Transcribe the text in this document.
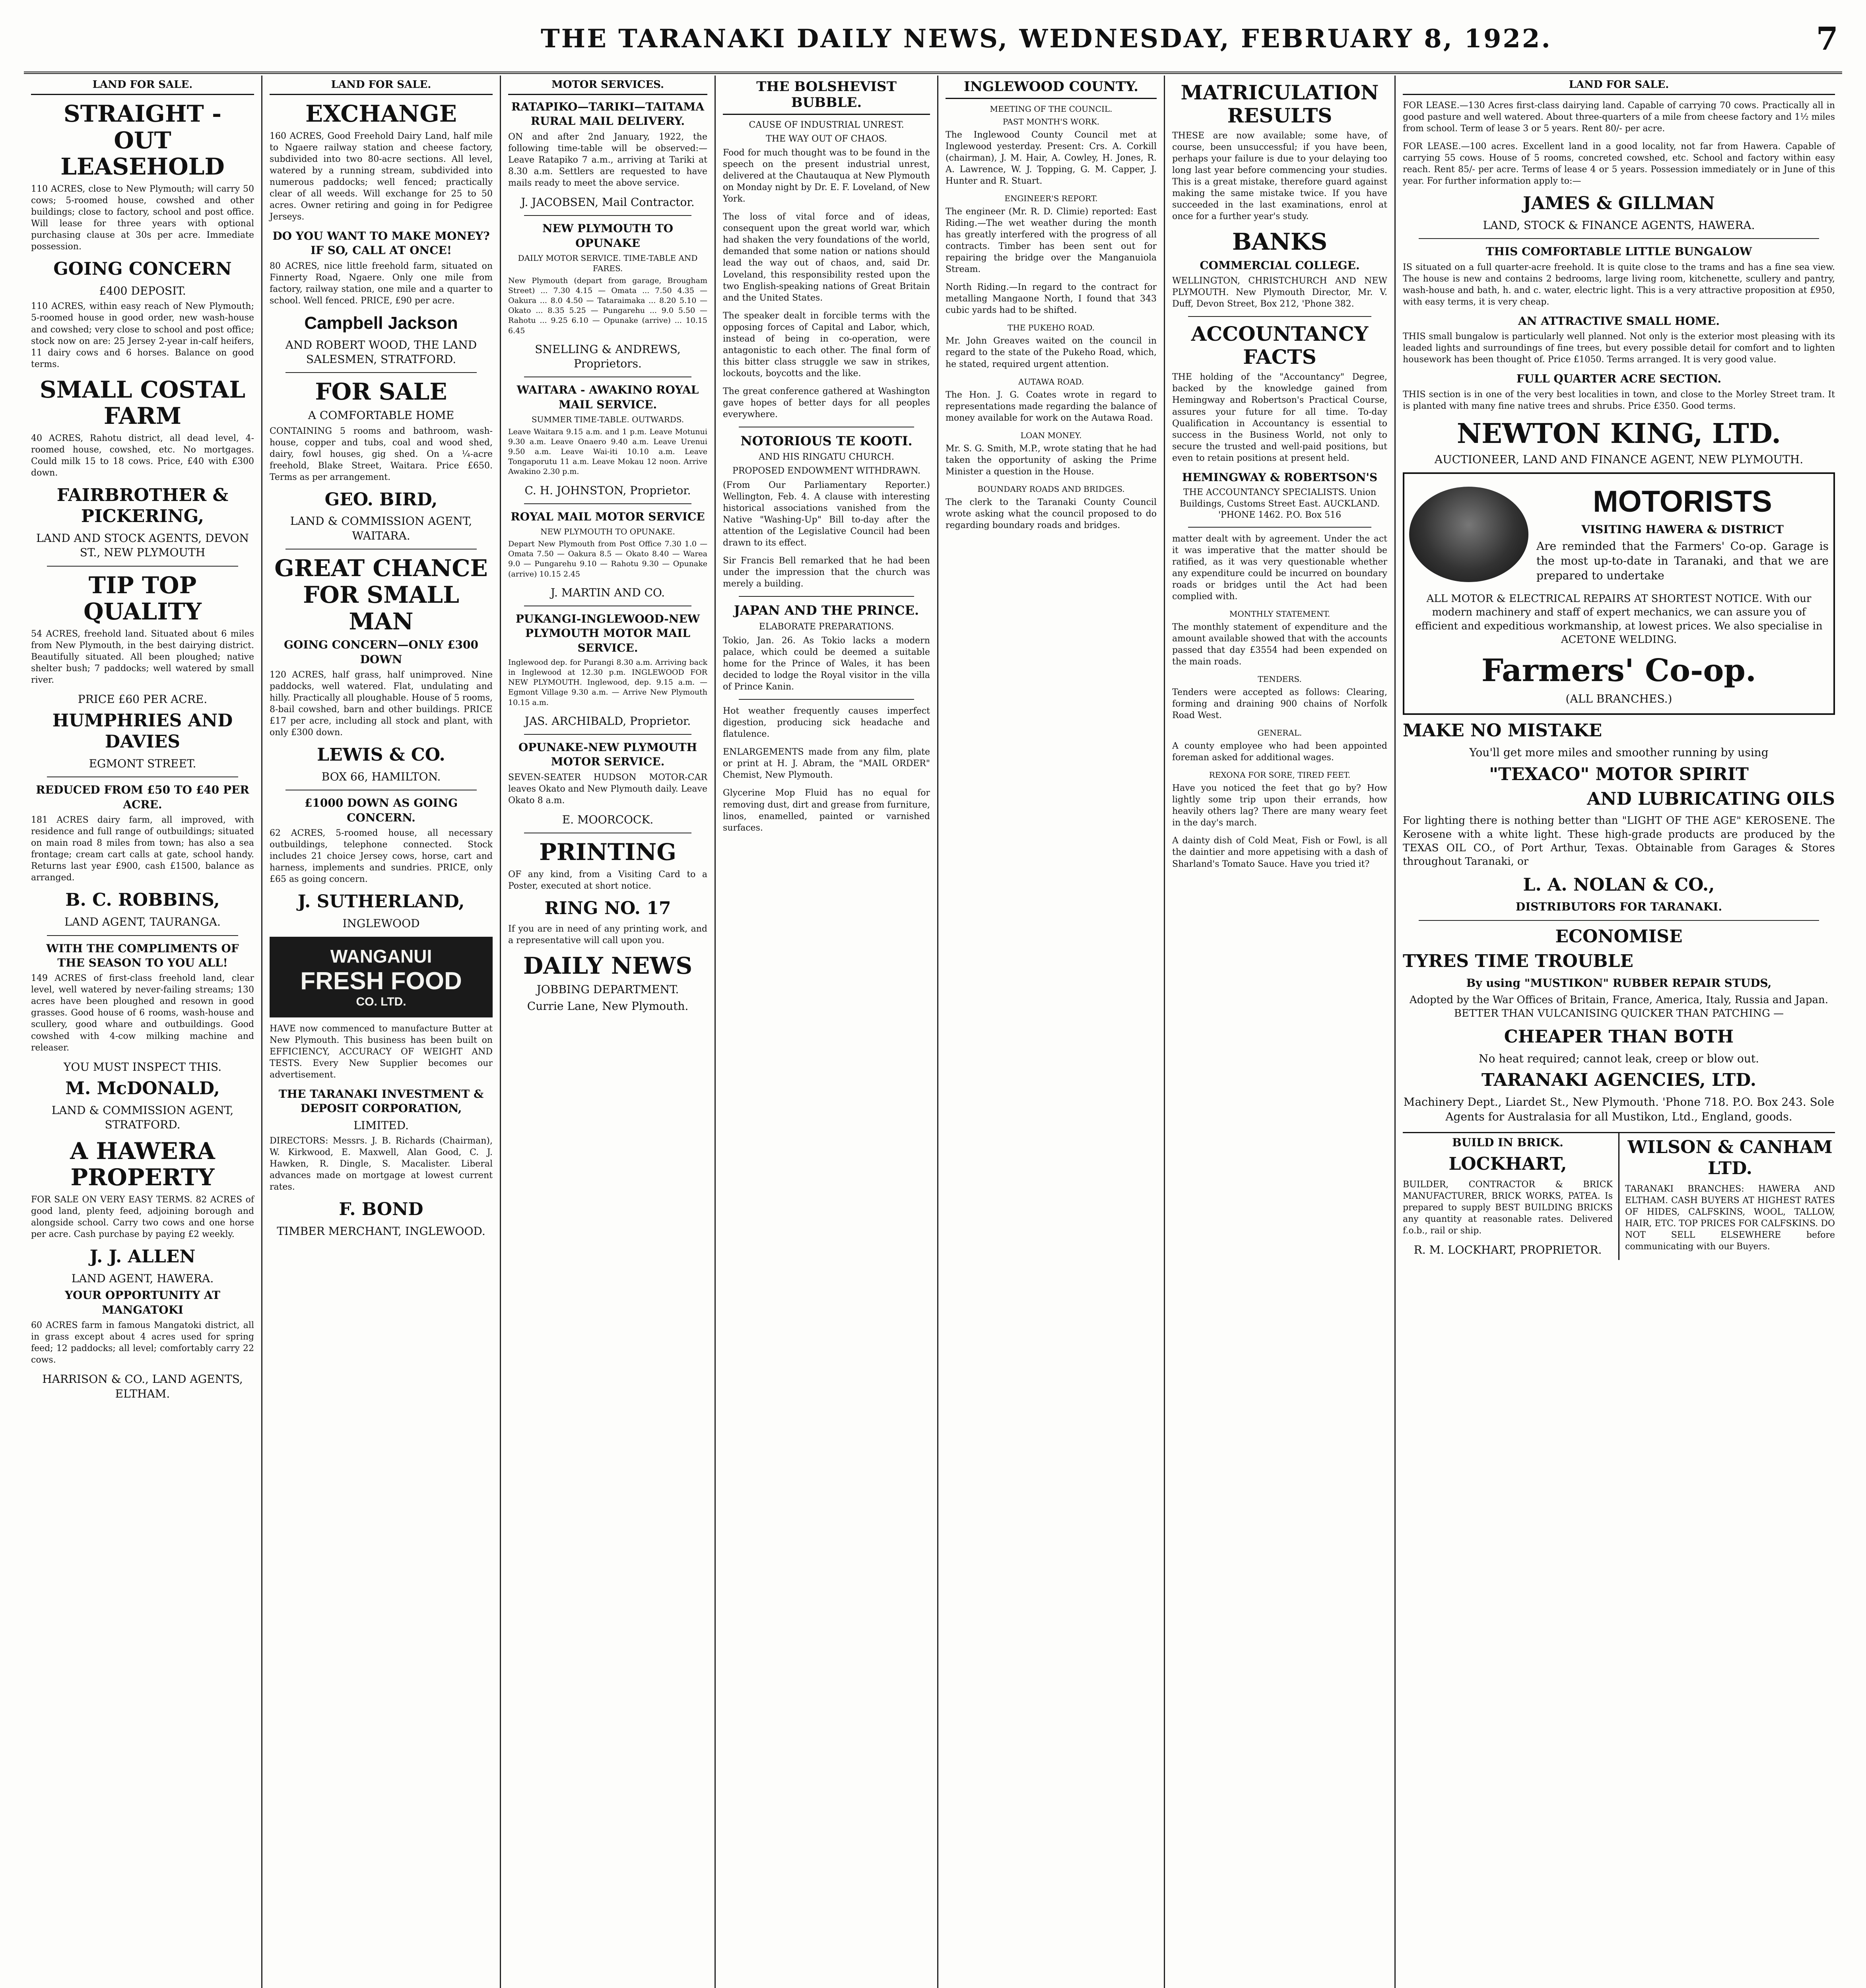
THE TARANAKI DAILY NEWS, WEDNESDAY, FEBRUARY 8, 1922.	7
LAND FOR SALE.
STRAIGHT - OUT LEASEHOLD
110 ACRES, close to New Plymouth; will carry 50 cows; 5-roomed house, cowshed and other buildings; close to factory, school and post office. Will lease for three years with optional purchasing clause at 30s per acre. Immediate possession.
GOING CONCERN
£400 DEPOSIT.
110 ACRES, within easy reach of New Plymouth; 5-roomed house in good order, new wash-house and cowshed; very close to school and post office; stock now on are: 25 Jersey 2-year in-calf heifers, 11 dairy cows and 6 horses. Balance on good terms.
SMALL COSTAL FARM
40 ACRES, Rahotu district, all dead level, 4-roomed house, cowshed, etc. No mortgages. Could milk 15 to 18 cows. Price, £40 with £300 down.
FAIRBROTHER & PICKERING,
LAND AND STOCK AGENTS, DEVON ST., NEW PLYMOUTH
TIP TOP QUALITY
54 ACRES, freehold land. Situated about 6 miles from New Plymouth, in the best dairying district. Beautifully situated. All been ploughed; native shelter bush; 7 paddocks; well watered by small river.
PRICE £60 PER ACRE.
HUMPHRIES AND DAVIES
EGMONT STREET.
REDUCED FROM £50 TO £40 PER ACRE.
181 ACRES dairy farm, all improved, with residence and full range of outbuildings; situated on main road 8 miles from town; has also a sea frontage; cream cart calls at gate, school handy. Returns last year £900, cash £1500, balance as arranged.
B. C. ROBBINS,
LAND AGENT, TAURANGA.
WITH THE COMPLIMENTS OF THE SEASON TO YOU ALL!
149 ACRES of first-class freehold land, clear level, well watered by never-failing streams; 130 acres have been ploughed and resown in good grasses. Good house of 6 rooms, wash-house and scullery, good whare and outbuildings. Good cowshed with 4-cow milking machine and releaser.
YOU MUST INSPECT THIS.
M. McDONALD,
LAND & COMMISSION AGENT, STRATFORD.
A HAWERA PROPERTY
FOR SALE ON VERY EASY TERMS. 82 ACRES of good land, plenty feed, adjoining borough and alongside school. Carry two cows and one horse per acre. Cash purchase by paying £2 weekly.
J. J. ALLEN
LAND AGENT, HAWERA.
YOUR OPPORTUNITY AT MANGATOKI
60 ACRES farm in famous Mangatoki district, all in grass except about 4 acres used for spring feed; 12 paddocks; all level; comfortably carry 22 cows.
HARRISON & CO., LAND AGENTS, ELTHAM.
LAND FOR SALE.
EXCHANGE
160 ACRES, Good Freehold Dairy Land, half mile to Ngaere railway station and cheese factory, subdivided into two 80-acre sections. All level, watered by a running stream, subdivided into numerous paddocks; well fenced; practically clear of all weeds. Will exchange for 25 to 50 acres. Owner retiring and going in for Pedigree Jerseys.
DO YOU WANT TO MAKE MONEY? IF SO, CALL AT ONCE!
80 ACRES, nice little freehold farm, situated on Finnerty Road, Ngaere. Only one mile from factory, railway station, one mile and a quarter to school. Well fenced. PRICE, £90 per acre.
Campbell Jackson
AND ROBERT WOOD, THE LAND SALESMEN, STRATFORD.
FOR SALE
A COMFORTABLE HOME
CONTAINING 5 rooms and bathroom, wash-house, copper and tubs, coal and wood shed, dairy, fowl houses, gig shed. On a ¼-acre freehold, Blake Street, Waitara. Price £650. Terms as per arrangement.
GEO. BIRD,
LAND & COMMISSION AGENT, WAITARA.
GREAT CHANCE FOR SMALL MAN
GOING CONCERN—ONLY £300 DOWN
120 ACRES, half grass, half unimproved. Nine paddocks, well watered. Flat, undulating and hilly. Practically all ploughable. House of 5 rooms, 8-bail cowshed, barn and other buildings. PRICE £17 per acre, including all stock and plant, with only £300 down.
LEWIS & CO.
BOX 66, HAMILTON.
£1000 DOWN AS GOING CONCERN.
62 ACRES, 5-roomed house, all necessary outbuildings, telephone connected. Stock includes 21 choice Jersey cows, horse, cart and harness, implements and sundries. PRICE, only £65 as going concern.
J. SUTHERLAND,
INGLEWOOD
WANGANUI
FRESH FOOD
CO. LTD.
HAVE now commenced to manufacture Butter at New Plymouth. This business has been built on EFFICIENCY, ACCURACY OF WEIGHT AND TESTS. Every New Supplier becomes our advertisement.
THE TARANAKI INVESTMENT & DEPOSIT CORPORATION,
LIMITED.
DIRECTORS: Messrs. J. B. Richards (Chairman), W. Kirkwood, E. Maxwell, Alan Good, C. J. Hawken, R. Dingle, S. Macalister. Liberal advances made on mortgage at lowest current rates.
F. BOND
TIMBER MERCHANT, INGLEWOOD.
MOTOR SERVICES.
RATAPIKO—TARIKI—TAITAMA RURAL MAIL DELIVERY.
ON and after 2nd January, 1922, the following time-table will be observed:— Leave Ratapiko 7 a.m., arriving at Tariki at 8.30 a.m. Settlers are requested to have mails ready to meet the above service.
J. JACOBSEN, Mail Contractor.
NEW PLYMOUTH TO OPUNAKE
DAILY MOTOR SERVICE. TIME-TABLE AND FARES.
New Plymouth (depart from garage, Brougham Street) ... 7.30 4.15 — Omata ... 7.50 4.35 — Oakura ... 8.0 4.50 — Tataraimaka ... 8.20 5.10 — Okato ... 8.35 5.25 — Pungarehu ... 9.0 5.50 — Rahotu ... 9.25 6.10 — Opunake (arrive) ... 10.15 6.45
SNELLING & ANDREWS, Proprietors.
WAITARA - AWAKINO ROYAL MAIL SERVICE.
SUMMER TIME-TABLE. OUTWARDS.
Leave Waitara 9.15 a.m. and 1 p.m. Leave Motunui 9.30 a.m. Leave Onaero 9.40 a.m. Leave Urenui 9.50 a.m. Leave Wai-iti 10.10 a.m. Leave Tongaporutu 11 a.m. Leave Mokau 12 noon. Arrive Awakino 2.30 p.m.
C. H. JOHNSTON, Proprietor.
ROYAL MAIL MOTOR SERVICE
NEW PLYMOUTH TO OPUNAKE.
Depart New Plymouth from Post Office 7.30 1.0 — Omata 7.50 — Oakura 8.5 — Okato 8.40 — Warea 9.0 — Pungarehu 9.10 — Rahotu 9.30 — Opunake (arrive) 10.15 2.45
J. MARTIN AND CO.
PUKANGI-INGLEWOOD-NEW PLYMOUTH MOTOR MAIL SERVICE.
Inglewood dep. for Purangi 8.30 a.m. Arriving back in Inglewood at 12.30 p.m. INGLEWOOD FOR NEW PLYMOUTH. Inglewood, dep. 9.15 a.m. — Egmont Village 9.30 a.m. — Arrive New Plymouth 10.15 a.m.
JAS. ARCHIBALD, Proprietor.
OPUNAKE-NEW PLYMOUTH MOTOR SERVICE.
SEVEN-SEATER HUDSON MOTOR-CAR leaves Okato and New Plymouth daily. Leave Okato 8 a.m.
E. MOORCOCK.
PRINTING
OF any kind, from a Visiting Card to a Poster, executed at short notice.
RING NO. 17
If you are in need of any printing work, and a representative will call upon you.
DAILY NEWS
JOBBING DEPARTMENT.
Currie Lane, New Plymouth.
THE BOLSHEVIST BUBBLE.
CAUSE OF INDUSTRIAL UNREST.
THE WAY OUT OF CHAOS.
Food for much thought was to be found in the speech on the present industrial unrest, delivered at the Chautauqua at New Plymouth on Monday night by Dr. E. F. Loveland, of New York.
The loss of vital force and of ideas, consequent upon the great world war, which had shaken the very foundations of the world, demanded that some nation or nations should lead the way out of chaos, and, said Dr. Loveland, this responsibility rested upon the two English-speaking nations of Great Britain and the United States.
The speaker dealt in forcible terms with the opposing forces of Capital and Labor, which, instead of being in co-operation, were antagonistic to each other. The final form of this bitter class struggle we saw in strikes, lockouts, boycotts and the like.
The great conference gathered at Washington gave hopes of better days for all peoples everywhere.
NOTORIOUS TE KOOTI.
AND HIS RINGATU CHURCH.
PROPOSED ENDOWMENT WITHDRAWN.
(From Our Parliamentary Reporter.) Wellington, Feb. 4. A clause with interesting historical associations vanished from the Native "Washing-Up" Bill to-day after the attention of the Legislative Council had been drawn to its effect.
Sir Francis Bell remarked that he had been under the impression that the church was merely a building.
JAPAN AND THE PRINCE.
ELABORATE PREPARATIONS.
Tokio, Jan. 26. As Tokio lacks a modern palace, which could be deemed a suitable home for the Prince of Wales, it has been decided to lodge the Royal visitor in the villa of Prince Kanin.
Hot weather frequently causes imperfect digestion, producing sick headache and flatulence.
ENLARGEMENTS made from any film, plate or print at H. J. Abram, the "MAIL ORDER" Chemist, New Plymouth.
Glycerine Mop Fluid has no equal for removing dust, dirt and grease from furniture, linos, enamelled, painted or varnished surfaces.
INGLEWOOD COUNTY.
MEETING OF THE COUNCIL.
PAST MONTH'S WORK.
The Inglewood County Council met at Inglewood yesterday. Present: Crs. A. Corkill (chairman), J. M. Hair, A. Cowley, H. Jones, R. A. Lawrence, W. J. Topping, G. M. Capper, J. Hunter and R. Stuart.
ENGINEER'S REPORT.
The engineer (Mr. R. D. Climie) reported: East Riding.—The wet weather during the month has greatly interfered with the progress of all contracts. Timber has been sent out for repairing the bridge over the Manganuiola Stream.
North Riding.—In regard to the contract for metalling Mangaone North, I found that 343 cubic yards had to be shifted.
THE PUKEHO ROAD.
Mr. John Greaves waited on the council in regard to the state of the Pukeho Road, which, he stated, required urgent attention.
AUTAWA ROAD.
The Hon. J. G. Coates wrote in regard to representations made regarding the balance of money available for work on the Autawa Road.
LOAN MONEY.
Mr. S. G. Smith, M.P., wrote stating that he had taken the opportunity of asking the Prime Minister a question in the House.
BOUNDARY ROADS AND BRIDGES.
The clerk to the Taranaki County Council wrote asking what the council proposed to do regarding boundary roads and bridges.
MATRICULATION RESULTS
THESE are now available; some have, of course, been unsuccessful; if you have been, perhaps your failure is due to your delaying too long last year before commencing your studies. This is a great mistake, therefore guard against making the same mistake twice. If you have succeeded in the last examinations, enrol at once for a further year's study.
BANKS
COMMERCIAL COLLEGE.
WELLINGTON, CHRISTCHURCH AND NEW PLYMOUTH. New Plymouth Director, Mr. V. Duff, Devon Street, Box 212, 'Phone 382.
ACCOUNTANCY FACTS
THE holding of the "Accountancy" Degree, backed by the knowledge gained from Hemingway and Robertson's Practical Course, assures your future for all time. To-day Qualification in Accountancy is essential to success in the Business World, not only to secure the trusted and well-paid positions, but even to retain positions at present held.
HEMINGWAY & ROBERTSON'S
THE ACCOUNTANCY SPECIALISTS. Union Buildings, Customs Street East. AUCKLAND. 'PHONE 1462. P.O. Box 516
matter dealt with by agreement. Under the act it was imperative that the matter should be ratified, as it was very questionable whether any expenditure could be incurred on boundary roads or bridges until the Act had been complied with.
MONTHLY STATEMENT.
The monthly statement of expenditure and the amount available showed that with the accounts passed that day £3554 had been expended on the main roads.
TENDERS.
Tenders were accepted as follows: Clearing, forming and draining 900 chains of Norfolk Road West.
GENERAL.
A county employee who had been appointed foreman asked for additional wages.
REXONA FOR SORE, TIRED FEET.
Have you noticed the feet that go by? How lightly some trip upon their errands, how heavily others lag? There are many weary feet in the day's march.
A dainty dish of Cold Meat, Fish or Fowl, is all the daintier and more appetising with a dash of Sharland's Tomato Sauce. Have you tried it?
LAND FOR SALE.
FOR LEASE.—130 Acres first-class dairying land. Capable of carrying 70 cows. Practically all in good pasture and well watered. About three-quarters of a mile from cheese factory and 1½ miles from school. Term of lease 3 or 5 years. Rent 80/- per acre.
FOR LEASE.—100 acres. Excellent land in a good locality, not far from Hawera. Capable of carrying 55 cows. House of 5 rooms, concreted cowshed, etc. School and factory within easy reach. Rent 85/- per acre. Terms of lease 4 or 5 years. Possession immediately or in June of this year. For further information apply to:—
JAMES & GILLMAN
LAND, STOCK & FINANCE AGENTS, HAWERA.
THIS COMFORTABLE LITTLE BUNGALOW
IS situated on a full quarter-acre freehold. It is quite close to the trams and has a fine sea view. The house is new and contains 2 bedrooms, large living room, kitchenette, scullery and pantry, wash-house and bath, h. and c. water, electric light. This is a very attractive proposition at £950, with easy terms, it is very cheap.
AN ATTRACTIVE SMALL HOME.
THIS small bungalow is particularly well planned. Not only is the exterior most pleasing with its leaded lights and surroundings of fine trees, but every possible detail for comfort and to lighten housework has been thought of. Price £1050. Terms arranged. It is very good value.
FULL QUARTER ACRE SECTION.
THIS section is in one of the very best localities in town, and close to the Morley Street tram. It is planted with many fine native trees and shrubs. Price £350. Good terms.
NEWTON KING, LTD.
AUCTIONEER, LAND AND FINANCE AGENT, NEW PLYMOUTH.
MOTORISTS
VISITING HAWERA & DISTRICT
Are reminded that the Farmers' Co-op. Garage is the most up-to-date in Taranaki, and that we are prepared to undertake
ALL MOTOR & ELECTRICAL REPAIRS AT SHORTEST NOTICE. With our modern machinery and staff of expert mechanics, we can assure you of efficient and expeditious workmanship, at lowest prices. We also specialise in ACETONE WELDING.
Farmers' Co-op.
(ALL BRANCHES.)
MAKE NO MISTAKE
You'll get more miles and smoother running by using
"TEXACO" MOTOR SPIRIT
AND LUBRICATING OILS
For lighting there is nothing better than "LIGHT OF THE AGE" KEROSENE. The Kerosene with a white light. These high-grade products are produced by the TEXAS OIL CO., of Port Arthur, Texas. Obtainable from Garages & Stores throughout Taranaki, or
L. A. NOLAN & CO.,
DISTRIBUTORS FOR TARANAKI.
ECONOMISE
TYRES TIME TROUBLE
By using "MUSTIKON" RUBBER REPAIR STUDS,
Adopted by the War Offices of Britain, France, America, Italy, Russia and Japan. BETTER THAN VULCANISING QUICKER THAN PATCHING —
CHEAPER THAN BOTH
No heat required; cannot leak, creep or blow out.
TARANAKI AGENCIES, LTD.
Machinery Dept., Liardet St., New Plymouth. 'Phone 718. P.O. Box 243. Sole Agents for Australasia for all Mustikon, Ltd., England, goods.
BUILD IN BRICK.
LOCKHART,
BUILDER, CONTRACTOR & BRICK MANUFACTURER, BRICK WORKS, PATEA. Is prepared to supply BEST BUILDING BRICKS any quantity at reasonable rates. Delivered f.o.b., rail or ship.
R. M. LOCKHART, PROPRIETOR.
WILSON & CANHAM LTD.
TARANAKI BRANCHES: HAWERA AND ELTHAM. CASH BUYERS AT HIGHEST RATES OF HIDES, CALFSKINS, WOOL, TALLOW, HAIR, ETC. TOP PRICES FOR CALFSKINS. DO NOT SELL ELSEWHERE before communicating with our Buyers.
